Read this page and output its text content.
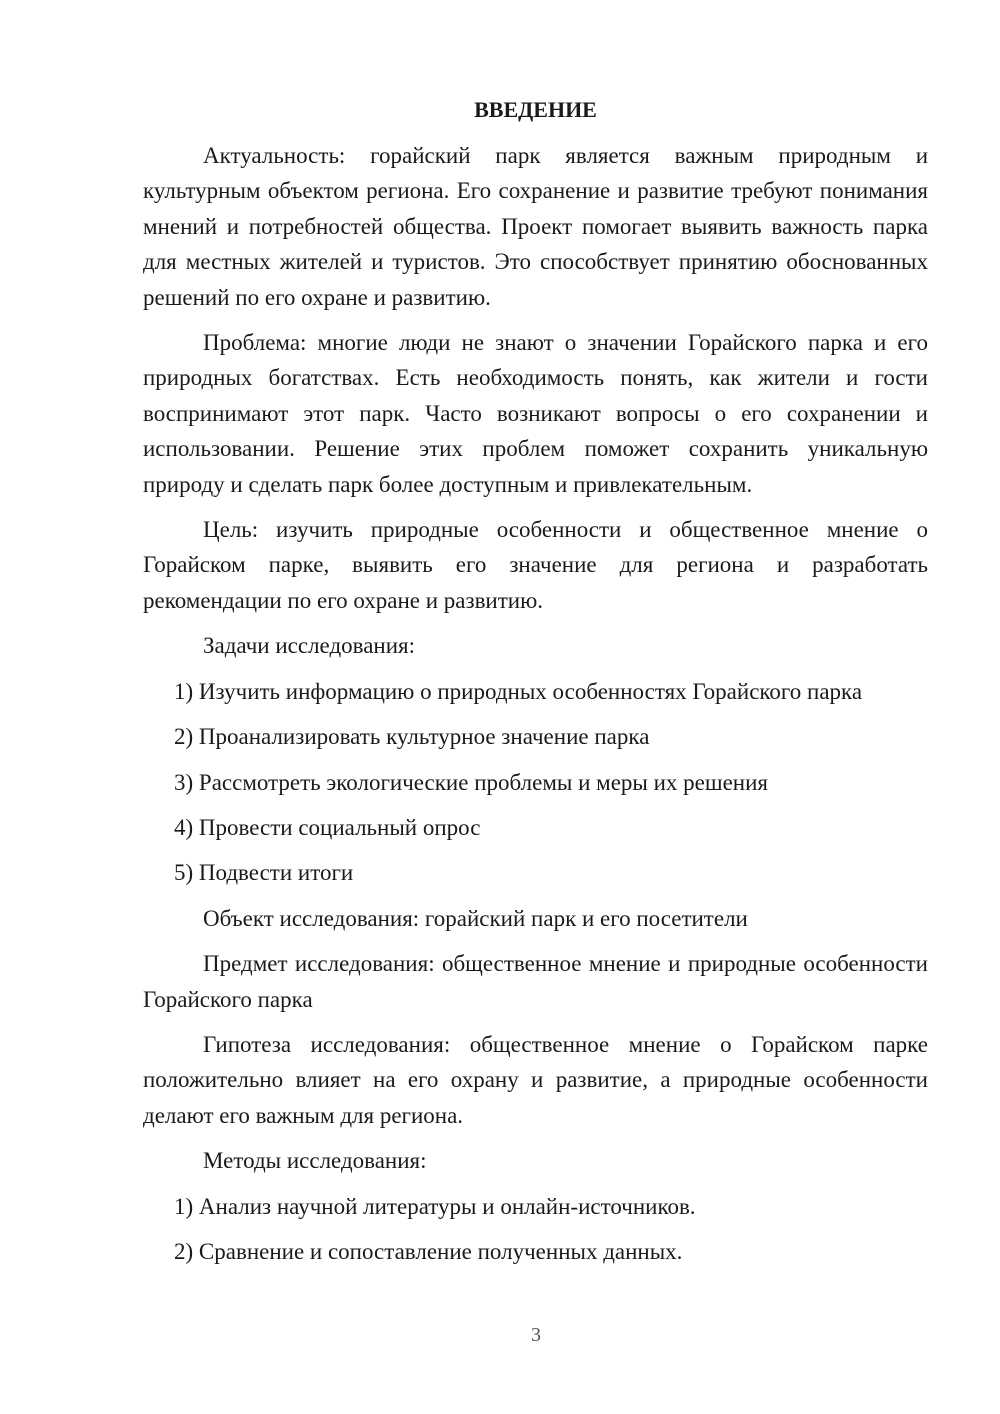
ВВЕДЕНИЕ

Актуальность: горайский парк является важным природным и культурным объектом региона. Его сохранение и развитие требуют понимания мнений и потребностей общества. Проект помогает выявить важность парка для местных жителей и туристов. Это способствует принятию обоснованных решений по его охране и развитию.

Проблема: многие люди не знают о значении Горайского парка и его природных богатствах. Есть необходимость понять, как жители и гости воспринимают этот парк. Часто возникают вопросы о его сохранении и использовании. Решение этих проблем поможет сохранить уникальную природу и сделать парк более доступным и привлекательным.

Цель: изучить природные особенности и общественное мнение о Горайском парке, выявить его значение для региона и разработать рекомендации по его охране и развитию.

Задачи исследования:

1) Изучить информацию о природных особенностях Горайского парка

2) Проанализировать культурное значение парка

3) Рассмотреть экологические проблемы и меры их решения

4) Провести социальный опрос

5) Подвести итоги

Объект исследования: горайский парк и его посетители

Предмет исследования: общественное мнение и природные особенности Горайского парка

Гипотеза исследования: общественное мнение о Горайском парке положительно влияет на его охрану и развитие, а природные особенности делают его важным для региона.

Методы исследования:

1) Анализ научной литературы и онлайн-источников.

2) Сравнение и сопоставление полученных данных.

3
